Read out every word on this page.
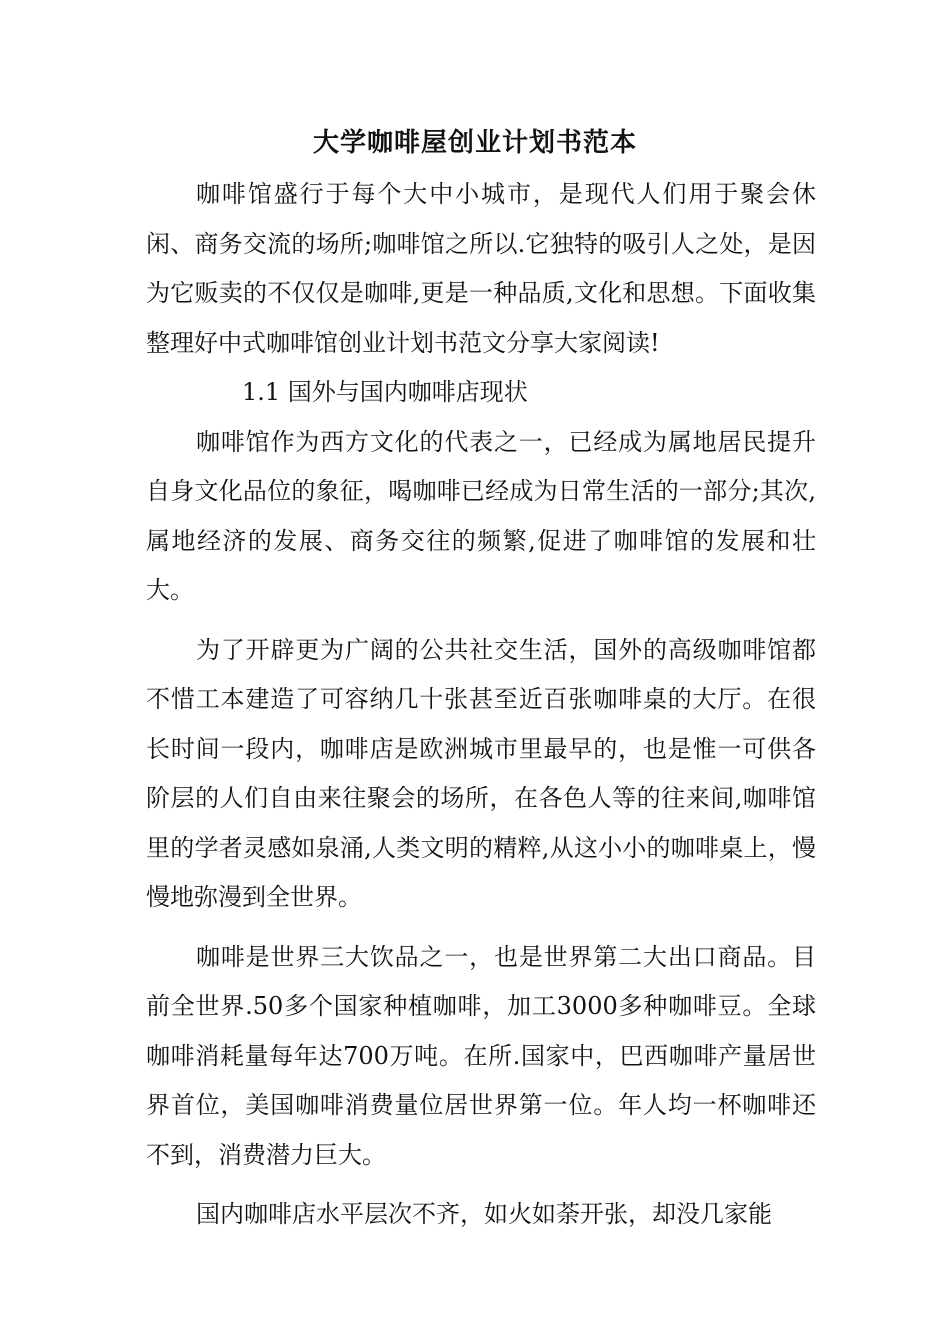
大学咖啡屋创业计划书范本

咖啡馆盛行于每个大中小城市，是现代人们用于聚会休闲、商务交流的场所;咖啡馆之所以.它独特的吸引人之处，是因为它贩卖的不仅仅是咖啡,更是一种品质,文化和思想。下面收集整理好中式咖啡馆创业计划书范文分享大家阅读!

1.1 国外与国内咖啡店现状

咖啡馆作为西方文化的代表之一，已经成为属地居民提升自身文化品位的象征，喝咖啡已经成为日常生活的一部分;其次,属地经济的发展、商务交往的频繁,促进了咖啡馆的发展和壮大。

为了开辟更为广阔的公共社交生活，国外的高级咖啡馆都不惜工本建造了可容纳几十张甚至近百张咖啡桌的大厅。在很长时间一段内，咖啡店是欧洲城市里最早的，也是惟一可供各阶层的人们自由来往聚会的场所，在各色人等的往来间,咖啡馆里的学者灵感如泉涌,人类文明的精粹,从这小小的咖啡桌上，慢慢地弥漫到全世界。

咖啡是世界三大饮品之一，也是世界第二大出口商品。目前全世界.50多个国家种植咖啡，加工3000多种咖啡豆。全球咖啡消耗量每年达700万吨。在所.国家中，巴西咖啡产量居世界首位，美国咖啡消费量位居世界第一位。年人均一杯咖啡还不到，消费潜力巨大。

国内咖啡店水平层次不齐，如火如荼开张，却没几家能
